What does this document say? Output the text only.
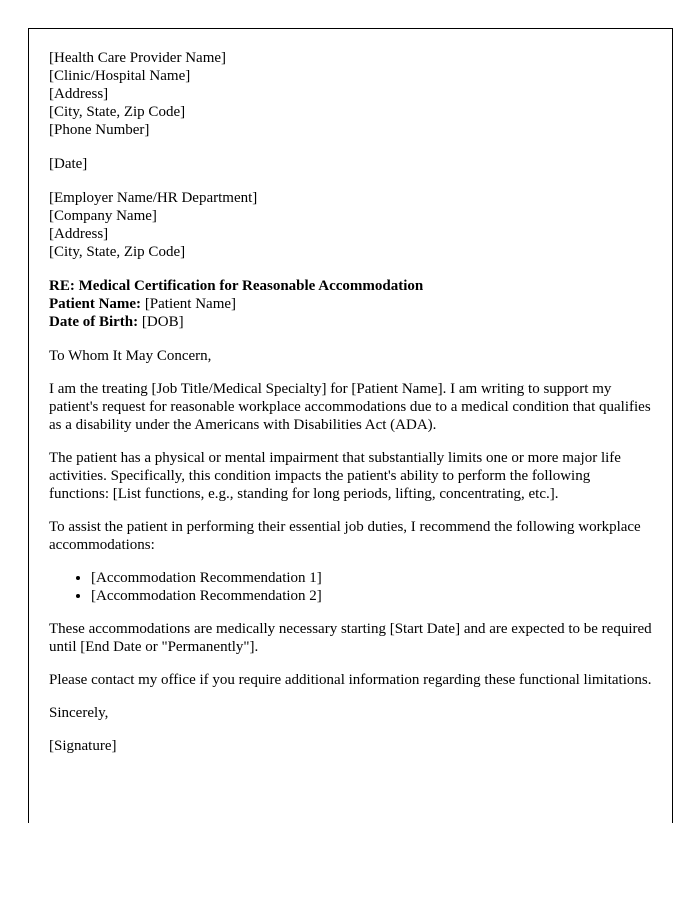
[Health Care Provider Name]
[Clinic/Hospital Name]
[Address]
[City, State, Zip Code]
[Phone Number]
[Date]
[Employer Name/HR Department]
[Company Name]
[Address]
[City, State, Zip Code]
RE: Medical Certification for Reasonable Accommodation
Patient Name: [Patient Name]
Date of Birth: [DOB]

To Whom It May Concern,

I am the treating [Job Title/Medical Specialty] for [Patient Name]. I am writing to support my patient's request for reasonable workplace accommodations due to a medical condition that qualifies as a disability under the Americans with Disabilities Act (ADA).

The patient has a physical or mental impairment that substantially limits one or more major life activities. Specifically, this condition impacts the patient's ability to perform the following functions: [List functions, e.g., standing for long periods, lifting, concentrating, etc.].

To assist the patient in performing their essential job duties, I recommend the following workplace accommodations:

• [Accommodation Recommendation 1]
• [Accommodation Recommendation 2]

These accommodations are medically necessary starting [Start Date] and are expected to be required until [End Date or "Permanently"].

Please contact my office if you require additional information regarding these functional limitations.

Sincerely,

[Signature]
